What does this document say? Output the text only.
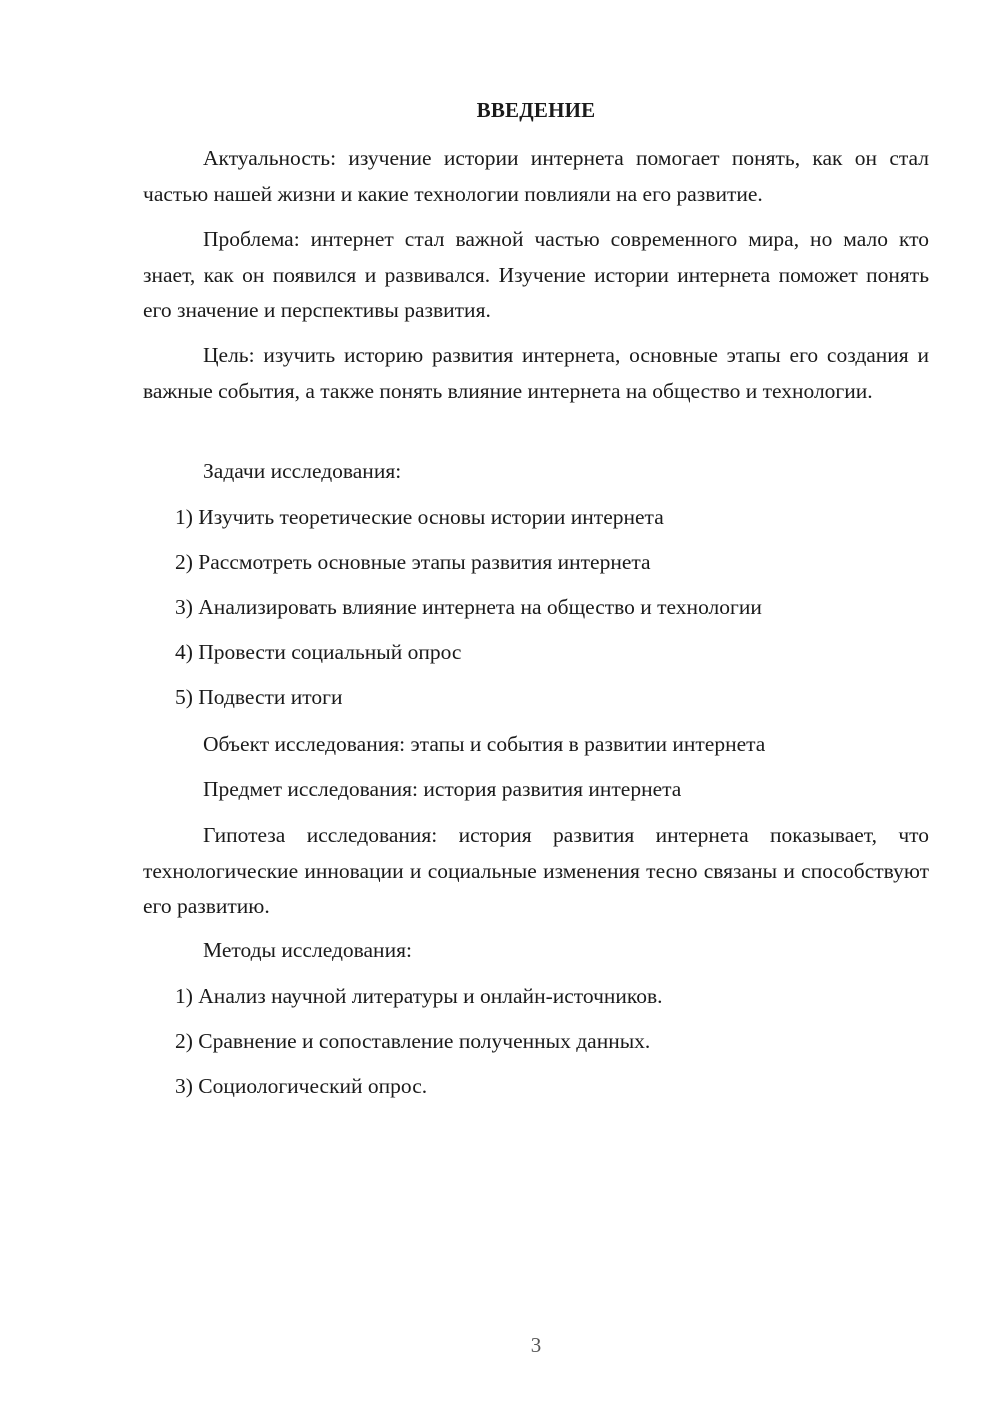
ВВЕДЕНИЕ

Актуальность: изучение истории интернета помогает понять, как он стал частью нашей жизни и какие технологии повлияли на его развитие.

Проблема: интернет стал важной частью современного мира, но мало кто знает, как он появился и развивался. Изучение истории интернета поможет понять его значение и перспективы развития.

Цель: изучить историю развития интернета, основные этапы его создания и важные события, а также понять влияние интернета на общество и технологии.

Задачи исследования:

1) Изучить теоретические основы истории интернета

2) Рассмотреть основные этапы развития интернета

3) Анализировать влияние интернета на общество и технологии

4) Провести социальный опрос

5) Подвести итоги

Объект исследования: этапы и события в развитии интернета

Предмет исследования: история развития интернета

Гипотеза исследования: история развития интернета показывает, что технологические инновации и социальные изменения тесно связаны и способствуют его развитию.

Методы исследования:

1) Анализ научной литературы и онлайн-источников.

2) Сравнение и сопоставление полученных данных.

3) Социологический опрос.

3
